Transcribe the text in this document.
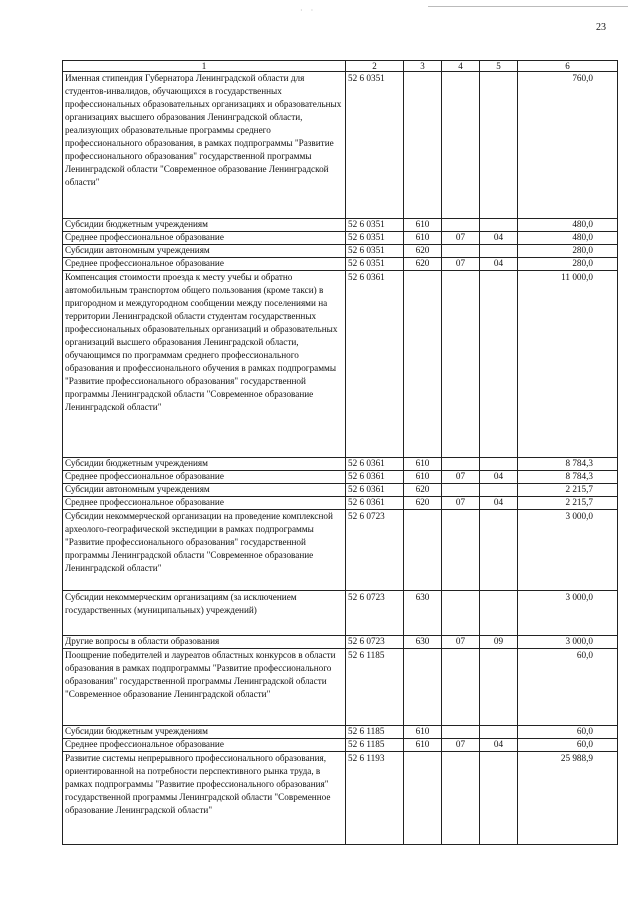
· ·
23
1	2	3	4	5	6
Именная стипендия Губернатора Ленинградской области для студентов-инвалидов, обучающихся в государственных профессиональных образовательных организациях и образовательных организациях высшего образования Ленинградской области, реализующих образовательные программы среднего профессионального образования, в рамках подпрограммы "Развитие профессионального образования" государственной программы Ленинградской области "Современное образование Ленинградской области"	52 6 0351				760,0
Субсидии бюджетным учреждениям	52 6 0351	610			480,0
Среднее профессиональное образование	52 6 0351	610	07	04	480,0
Субсидии автономным учреждениям	52 6 0351	620			280,0
Среднее профессиональное образование	52 6 0351	620	07	04	280,0
Компенсация стоимости проезда к месту учебы и обратно автомобильным транспортом общего пользования (кроме такси) в пригородном и междугородном сообщении между поселениями на территории Ленинградской области студентам государственных профессиональных образовательных организаций и образовательных организаций высшего образования Ленинградской области, обучающимся по программам среднего профессионального образования и профессионального обучения в рамках подпрограммы "Развитие профессионального образования" государственной программы Ленинградской области "Современное образование Ленинградской области"	52 6 0361				11 000,0
Субсидии бюджетным учреждениям	52 6 0361	610			8 784,3
Среднее профессиональное образование	52 6 0361	610	07	04	8 784,3
Субсидии автономным учреждениям	52 6 0361	620			2 215,7
Среднее профессиональное образование	52 6 0361	620	07	04	2 215,7
Субсидии некоммерческой организации на проведение комплексной археолого-географической экспедиции в рамках подпрограммы "Развитие профессионального образования" государственной программы Ленинградской области "Современное образование Ленинградской области"	52 6 0723				3 000,0
Субсидии некоммерческим организациям (за исключением государственных (муниципальных) учреждений)	52 6 0723	630			3 000,0
Другие вопросы в области образования	52 6 0723	630	07	09	3 000,0
Поощрение победителей и лауреатов областных конкурсов в области образования в рамках подпрограммы "Развитие профессионального образования" государственной программы Ленинградской области "Современное образование Ленинградской области"	52 6 1185				60,0
Субсидии бюджетным учреждениям	52 6 1185	610			60,0
Среднее профессиональное образование	52 6 1185	610	07	04	60,0
Развитие системы непрерывного профессионального образования, ориентированной на потребности перспективного рынка труда, в рамках подпрограммы "Развитие профессионального образования" государственной программы Ленинградской области "Современное образование Ленинградской области"	52 6 1193				25 988,9
